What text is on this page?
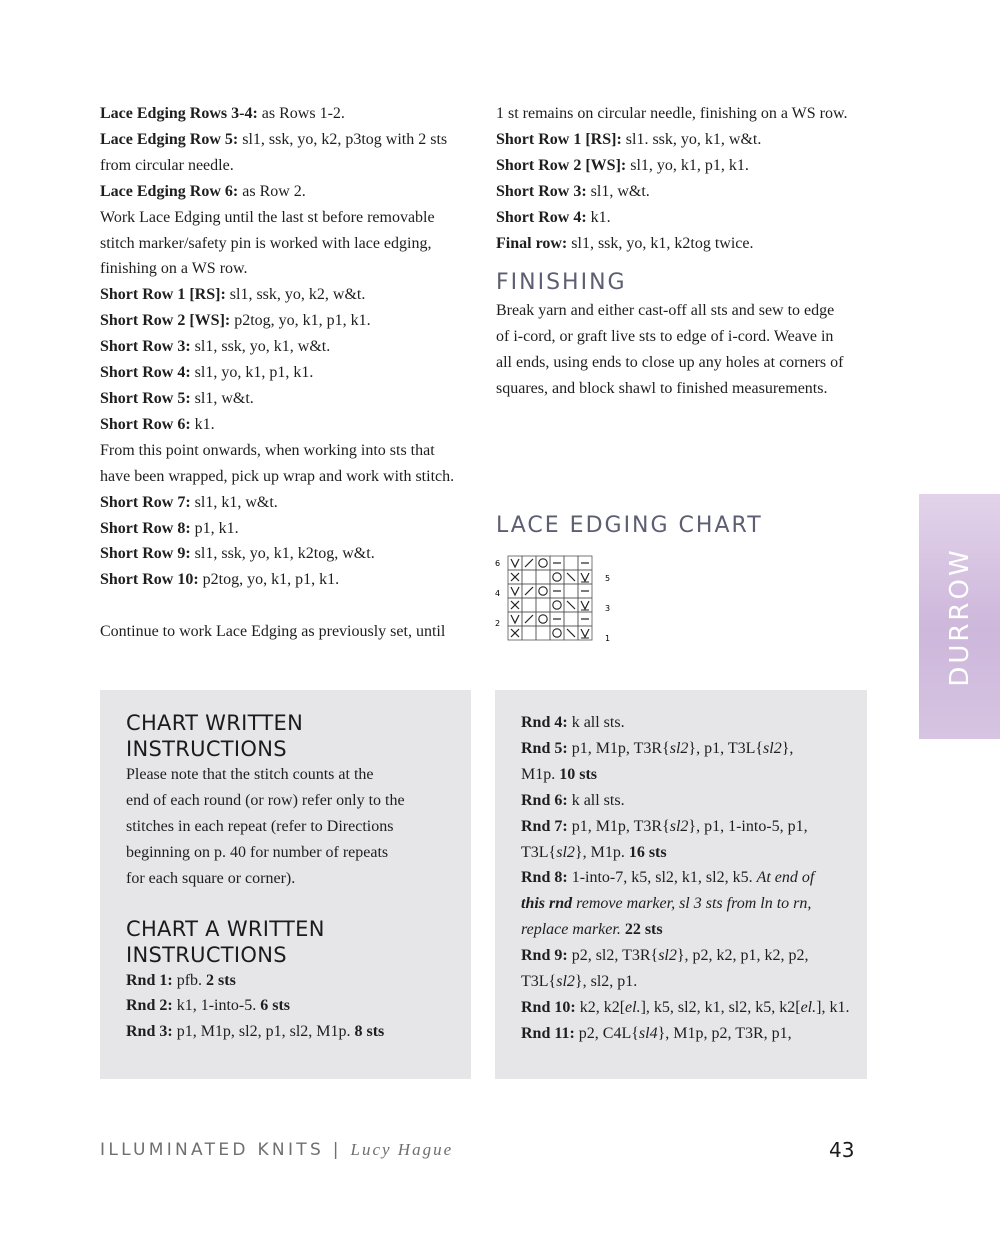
Lace Edging Rows 3-4: as Rows 1-2.

Lace Edging Row 5: sl1, ssk, yo, k2, p3tog with 2 sts

from circular needle.

Lace Edging Row 6: as Row 2.

Work Lace Edging until the last st before removable

stitch marker/safety pin is worked with lace edging,

finishing on a WS row.

Short Row 1 [RS]: sl1, ssk, yo, k2, w&t.

Short Row 2 [WS]: p2tog, yo, k1, p1, k1.

Short Row 3: sl1, ssk, yo, k1, w&t.

Short Row 4: sl1, yo, k1, p1, k1.

Short Row 5: sl1, w&t.

Short Row 6: k1.

From this point onwards, when working into sts that

have been wrapped, pick up wrap and work with stitch.

Short Row 7: sl1, k1, w&t.

Short Row 8: p1, k1.

Short Row 9: sl1, ssk, yo, k1, k2tog, w&t.

Short Row 10: p2tog, yo, k1, p1, k1.

Continue to work Lace Edging as previously set, until

1 st remains on circular needle, finishing on a WS row.

Short Row 1 [RS]: sl1. ssk, yo, k1, w&t.

Short Row 2 [WS]: sl1, yo, k1, p1, k1.

Short Row 3: sl1, w&t.

Short Row 4: k1.

Final row: sl1, ssk, yo, k1, k2tog twice.

FINISHING

Break yarn and either cast-off all sts and sew to edge

of i-cord, or graft live sts to edge of i-cord. Weave in

all ends, using ends to close up any holes at corners of

squares, and block shawl to finished measurements.

LACE EDGING CHART
6
4
2
5
3
1	DURROW
CHART WRITTEN
INSTRUCTIONS

Please note that the stitch counts at the

end of each round (or row) refer only to the

stitches in each repeat (refer to Directions

beginning on p. 40 for number of repeats

for each square or corner).

CHART A WRITTEN
INSTRUCTIONS

Rnd 1: pfb. 2 sts

Rnd 2: k1, 1-into-5. 6 sts

Rnd 3: p1, M1p, sl2, p1, sl2, M1p. 8 sts

Rnd 4: k all sts.

Rnd 5: p1, M1p, T3R{sl2}, p1, T3L{sl2},

M1p. 10 sts

Rnd 6: k all sts.

Rnd 7: p1, M1p, T3R{sl2}, p1, 1-into-5, p1,

T3L{sl2}, M1p. 16 sts

Rnd 8: 1-into-7, k5, sl2, k1, sl2, k5. At end of

this rnd remove marker, sl 3 sts from ln to rn,

replace marker. 22 sts

Rnd 9: p2, sl2, T3R{sl2}, p2, k2, p1, k2, p2,

T3L{sl2}, sl2, p1.

Rnd 10: k2, k2[el.], k5, sl2, k1, sl2, k5, k2[el.], k1.

Rnd 11: p2, C4L{sl4}, M1p, p2, T3R, p1,

ILLUMINATED KNITS | Lucy Hague	43
